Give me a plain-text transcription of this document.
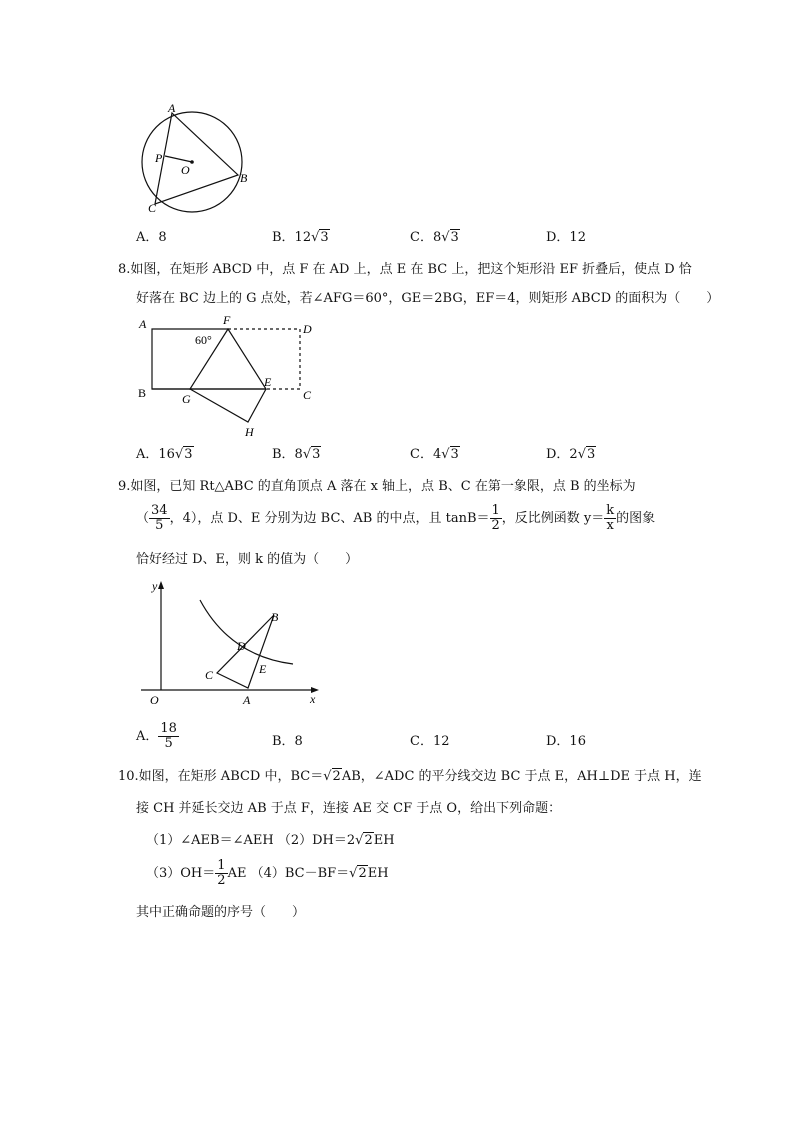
A
P
O
B
C
A．8	B．12√3	C．8√3	D．12
8.如图，在矩形 ABCD 中，点 F 在 AD 上，点 E 在 BC 上，把这个矩形沿 EF 折叠后，使点 D 恰
好落在 BC 边上的 G 点处，若∠AFG＝60°，GE＝2BG，EF＝4，则矩形 ABCD 的面积为（　　）
A	F
D
60°
B	G
E
C
H
A．16√3	B．8√3	C．4√3	D．2√3
9.如图，已知 Rt△ABC 的直角顶点 A 落在 x 轴上，点 B、C 在第一象限，点 B 的坐标为
（ $\frac{34}{5}$ ，4），点 D、E 分别为边 BC、AB 的中点，且 $\tan B= \frac{1}{2}$ ，反比例函数 $y= \frac{k}{x}$ 的图象
恰好经过 D、E，则 k 的值为（　　）
y
B
D
C	E
O	A	x
A． $\frac{18}{5}$	B．8	C．12	D．16
10.如图，在矩形 ABCD 中，BC＝√2AB，∠ADC 的平分线交边 BC 于点 E，AH⊥DE 于点 H，连
接 CH 并延长交边 AB 于点 F，连接 AE 交 CF 于点 O，给出下列命题：
（1）∠AEB＝∠AEH （2）DH＝2√2EH
$(3)OH= \frac{1}{2}$ AE （4）BC－BF＝√2EH
其中正确命题的序号（　　）
